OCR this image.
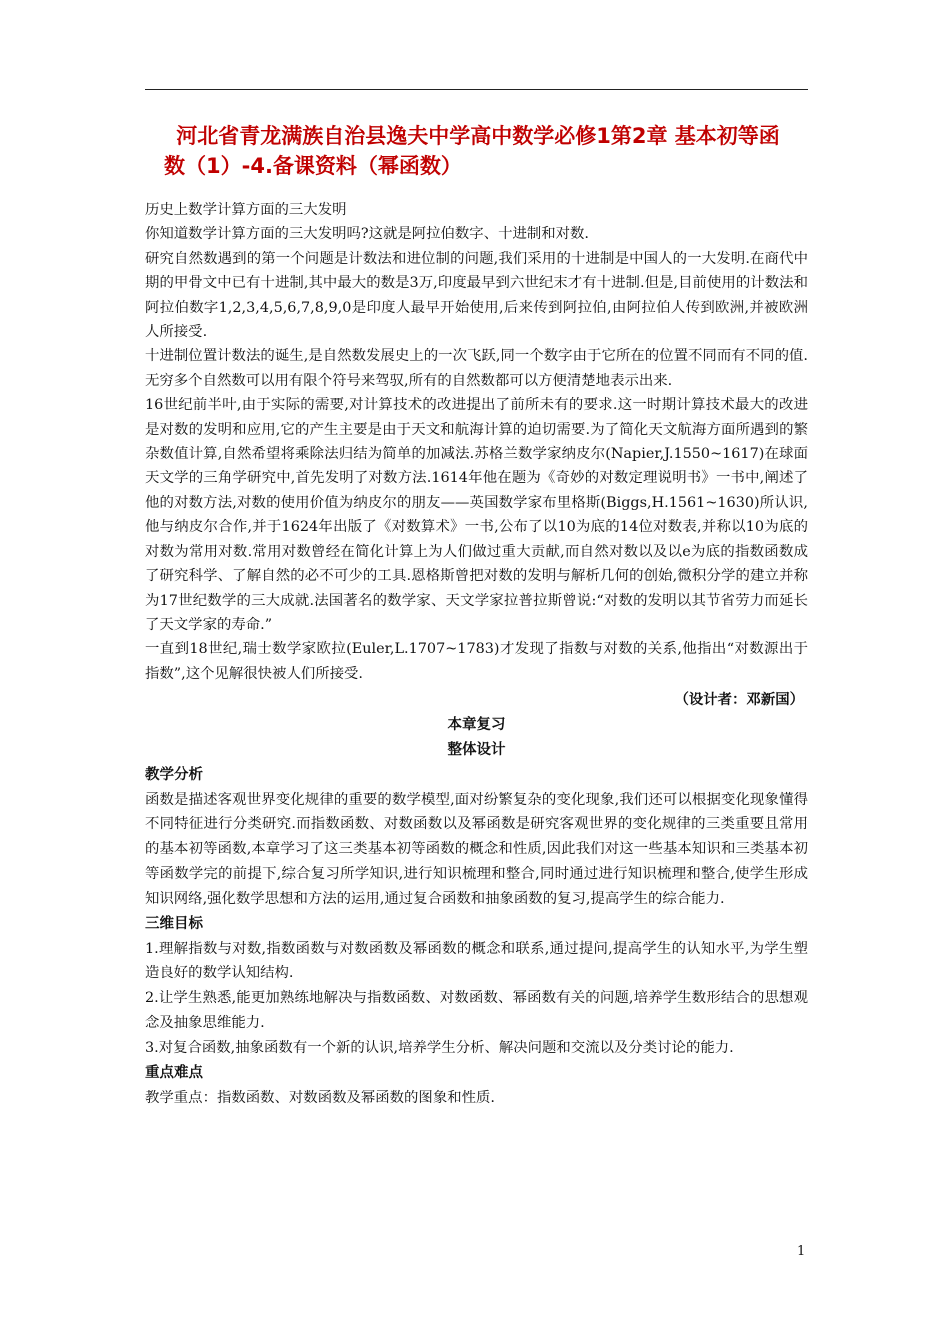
河北省青龙满族自治县逸夫中学高中数学必修1第2章 基本初等函
数（1）-4.备课资料（幂函数）

历史上数学计算方面的三大发明

你知道数学计算方面的三大发明吗?这就是阿拉伯数字、十进制和对数.

研究自然数遇到的第一个问题是计数法和进位制的问题,我们采用的十进制是中国人的一大发明.在商代中期的甲骨文中已有十进制,其中最大的数是3万,印度最早到六世纪末才有十进制.但是,目前使用的计数法和阿拉伯数字1,2,3,4,5,6,7,8,9,0是印度人最早开始使用,后来传到阿拉伯,由阿拉伯人传到欧洲,并被欧洲人所接受.

十进制位置计数法的诞生,是自然数发展史上的一次飞跃,同一个数字由于它所在的位置不同而有不同的值.无穷多个自然数可以用有限个符号来驾驭,所有的自然数都可以方便清楚地表示出来.

16世纪前半叶,由于实际的需要,对计算技术的改进提出了前所未有的要求.这一时期计算技术最大的改进是对数的发明和应用,它的产生主要是由于天文和航海计算的迫切需要.为了简化天文航海方面所遇到的繁杂数值计算,自然希望将乘除法归结为简单的加减法.苏格兰数学家纳皮尔(Napier,J.1550~1617)在球面天文学的三角学研究中,首先发明了对数方法.1614年他在题为《奇妙的对数定理说明书》一书中,阐述了他的对数方法,对数的使用价值为纳皮尔的朋友——英国数学家布里格斯(Biggs,H.1561~1630)所认识,他与纳皮尔合作,并于1624年出版了《对数算术》一书,公布了以10为底的14位对数表,并称以10为底的对数为常用对数.常用对数曾经在简化计算上为人们做过重大贡献,而自然对数以及以e为底的指数函数成了研究科学、了解自然的必不可少的工具.恩格斯曾把对数的发明与解析几何的创始,微积分学的建立并称为17世纪数学的三大成就.法国著名的数学家、天文学家拉普拉斯曾说:“对数的发明以其节省劳力而延长了天文学家的寿命.”

一直到18世纪,瑞士数学家欧拉(Euler,L.1707~1783)才发现了指数与对数的关系,他指出“对数源出于指数”,这个见解很快被人们所接受.

（设计者：邓新国）

本章复习

整体设计

教学分析

函数是描述客观世界变化规律的重要的数学模型,面对纷繁复杂的变化现象,我们还可以根据变化现象懂得不同特征进行分类研究.而指数函数、对数函数以及幂函数是研究客观世界的变化规律的三类重要且常用的基本初等函数,本章学习了这三类基本初等函数的概念和性质,因此我们对这一些基本知识和三类基本初等函数学完的前提下,综合复习所学知识,进行知识梳理和整合,同时通过进行知识梳理和整合,使学生形成知识网络,强化数学思想和方法的运用,通过复合函数和抽象函数的复习,提高学生的综合能力.

三维目标

1.理解指数与对数,指数函数与对数函数及幂函数的概念和联系,通过提问,提高学生的认知水平,为学生塑造良好的数学认知结构.

2.让学生熟悉,能更加熟练地解决与指数函数、对数函数、幂函数有关的问题,培养学生数形结合的思想观念及抽象思维能力.

3.对复合函数,抽象函数有一个新的认识,培养学生分析、解决问题和交流以及分类讨论的能力.

重点难点

教学重点：指数函数、对数函数及幂函数的图象和性质.

1
